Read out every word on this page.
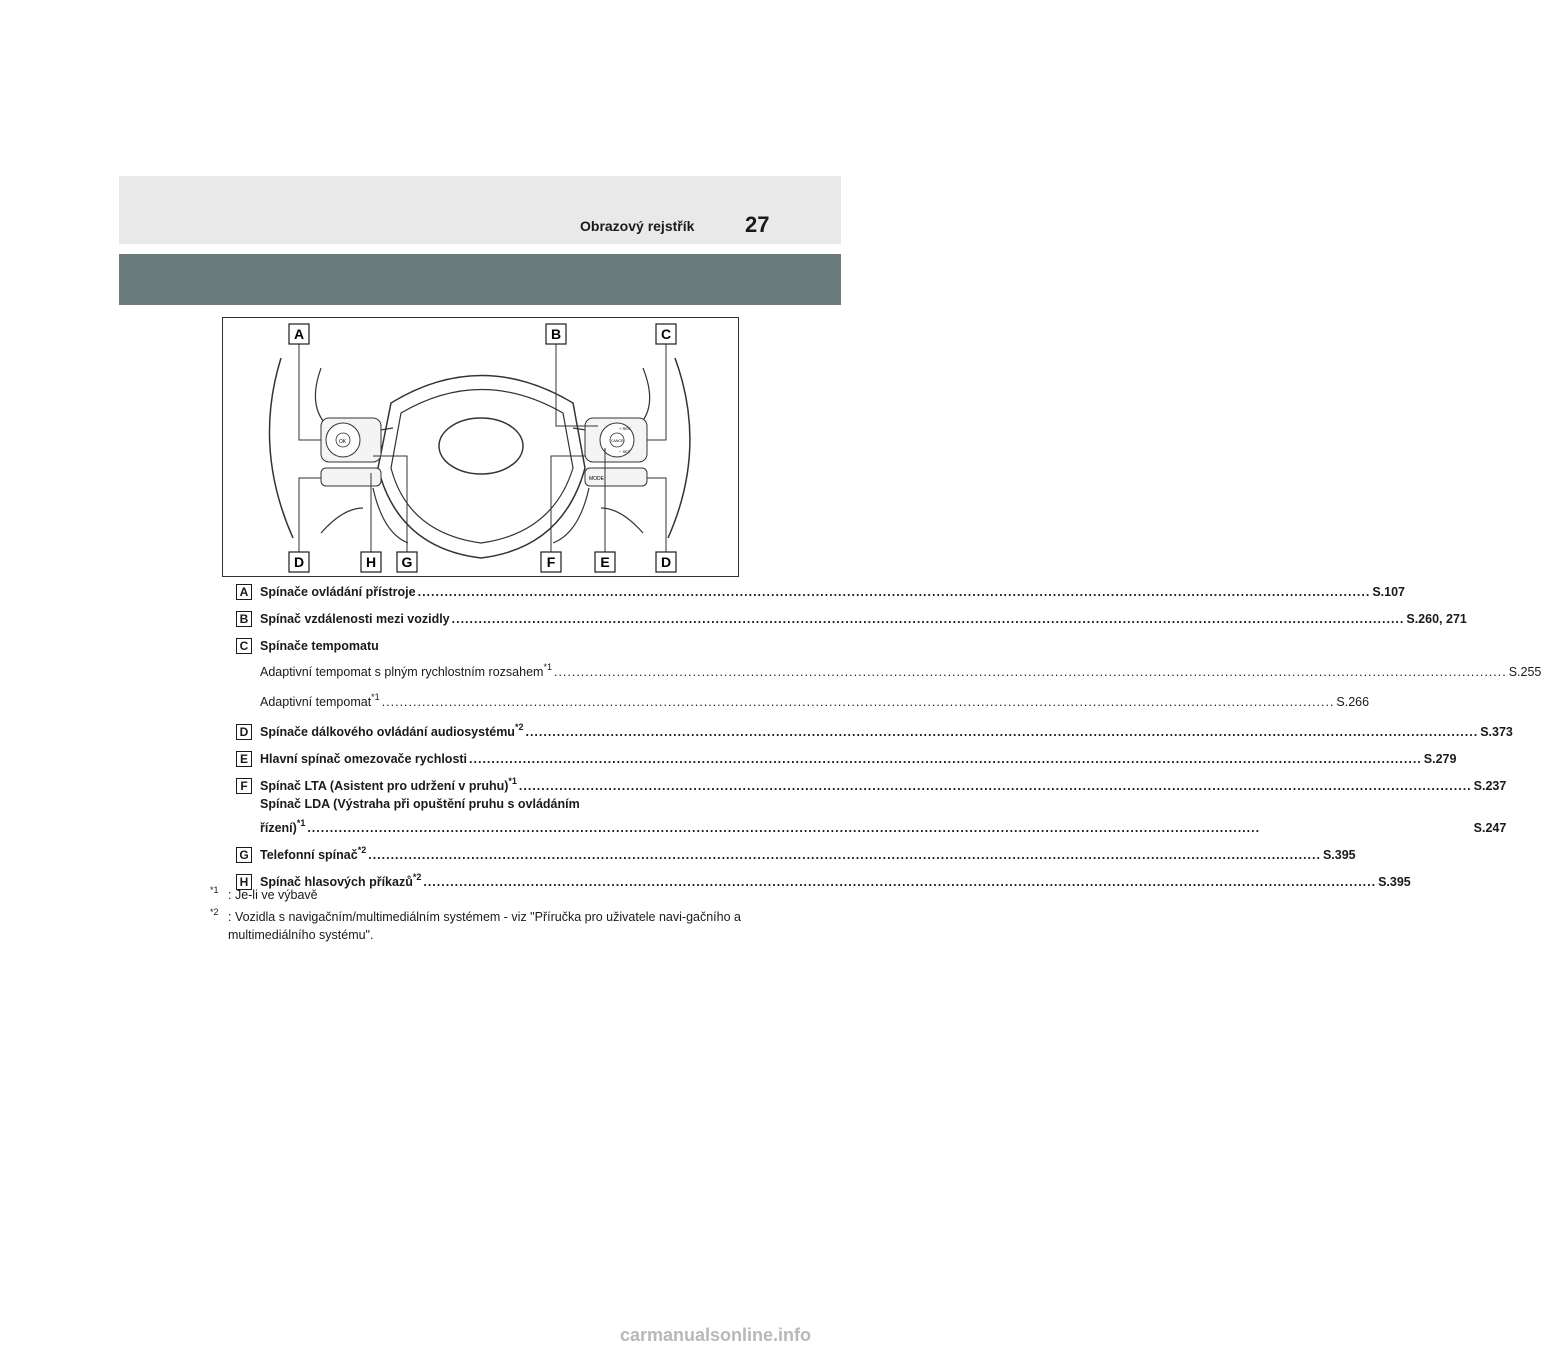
Obrazový rejstřík 27
OK
+ RES
− SET
CANCEL
MODE
A	B	C
D	H G	F	E	D
A Spínače ovládání přístroje .....	S.107
B Spínač vzdálenosti mezi vozidly .....	S.260, 271
C Spínače tempomatu
Adaptivní tempomat s plným rychlostním rozsahem$^{*1}$ .....	S.255
Adaptivní tempomat$^{*1}$ .....	S.266
D Spínače dálkového ovládání audiosystému$^{*2}$ .....	S.373
E Hlavní spínač omezovače rychlosti .....	S.279
F Spínač LTA (Asistent pro udržení v pruhu)$^{*1}$ .....	S.237
Spínač LDA (Výstraha při opuštění pruhu s ovládáním
řízení)$^{*1}$ .....	S.247
G Telefonní spínač$^{*2}$ .....	S.395
H Spínač hlasových příkazů$^{*2}$ .....	S.395
$^{*1}$ : Je-li ve výbavě
$^{*2}$ : Vozidla s navigačním/multimediálním systémem - viz "Příručka pro uživatele navi-gačního a multimediálního systému".
carmanualsonline.info
